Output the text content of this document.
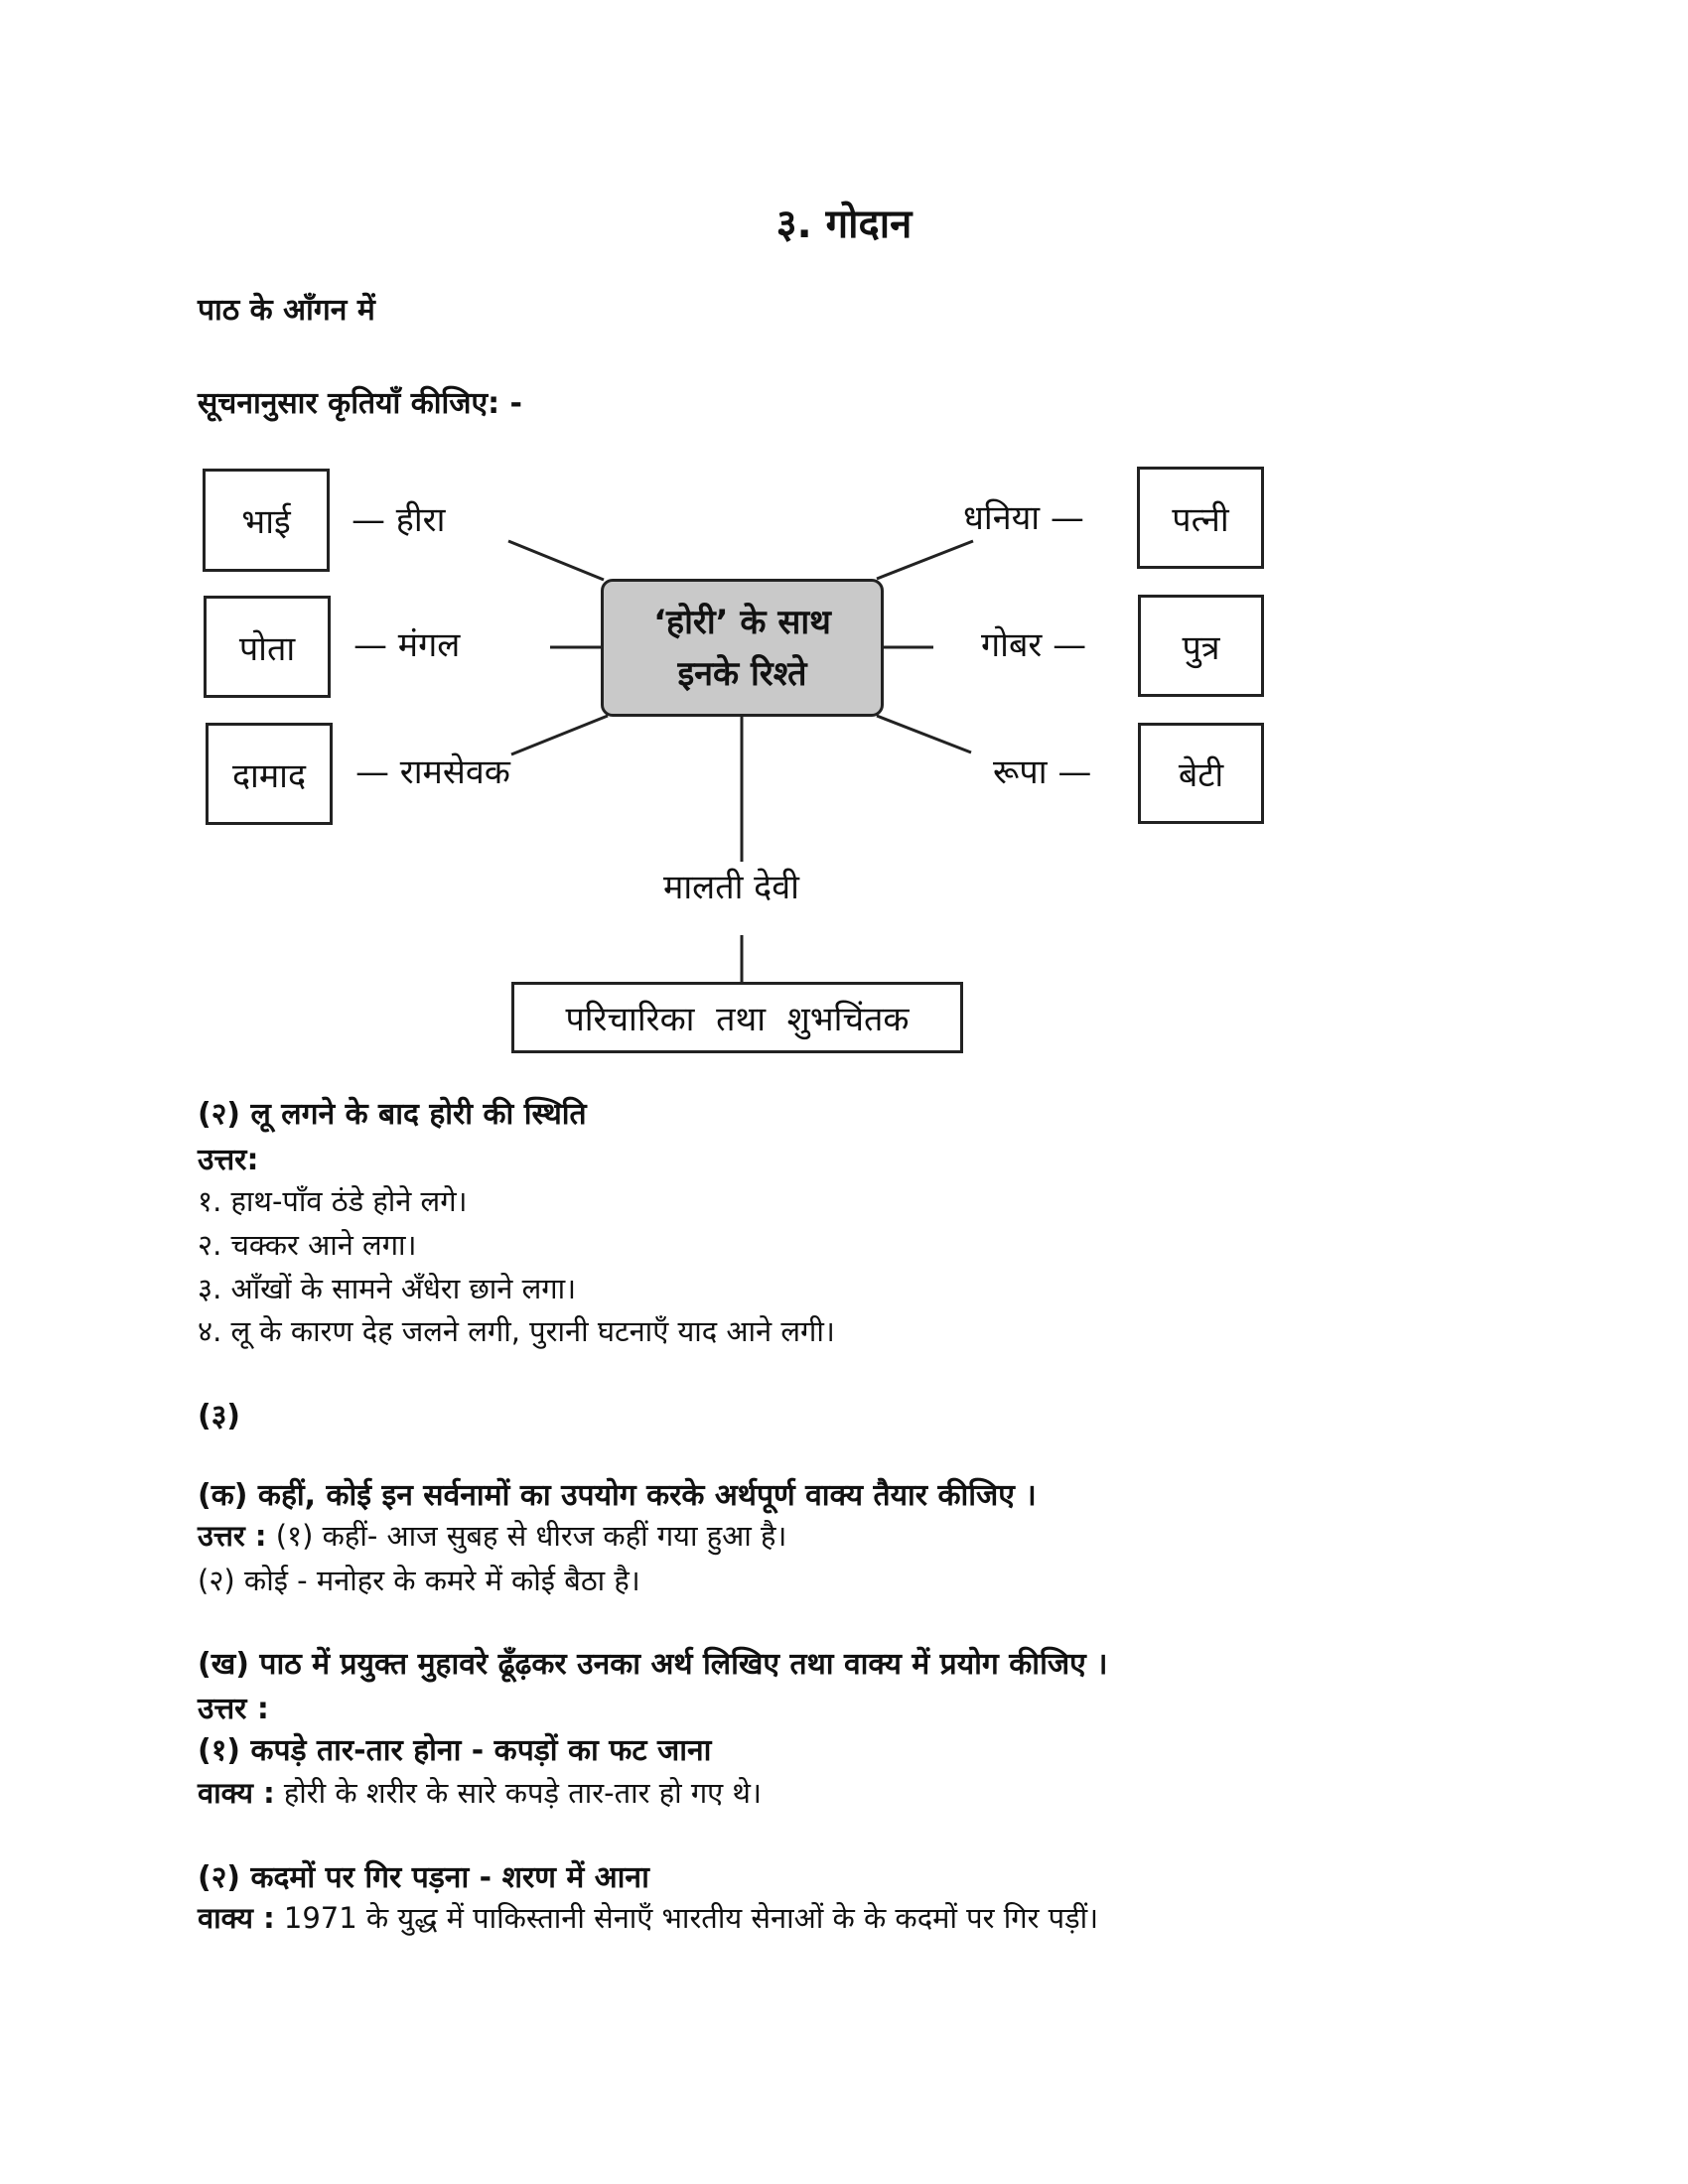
३. गोदान
पाठ के आँगन में
सूचनानुसार कृतियाँ कीजिए: -
‘होरी’ के साथ
इनके रिश्ते
भाई
पोता
दामाद
— हीरा
— मंगल
— रामसेवक
धनिया —
गोबर —
रूपा —
पत्नी
पुत्र
बेटी
मालती देवी
परिचारिका  तथा  शुभचिंतक
(२) लू लगने के बाद होरी की स्थिति
उत्तर:
१. हाथ-पाँव ठंडे होने लगे।
२. चक्कर आने लगा।
३. आँखों के सामने अँधेरा छाने लगा।
४. लू के कारण देह जलने लगी, पुरानी घटनाएँ याद आने लगी।
(३)
(क) कहीं, कोई इन सर्वनामों का उपयोग करके अर्थपूर्ण वाक्य तैयार कीजिए ।
उत्तर : (१) कहीं- आज सुबह से धीरज कहीं गया हुआ है।
(२) कोई - मनोहर के कमरे में कोई बैठा है।
(ख) पाठ में प्रयुक्त मुहावरे ढूँढ़कर उनका अर्थ लिखिए तथा वाक्य में प्रयोग कीजिए ।
उत्तर :
(१) कपड़े तार-तार होना - कपड़ों का फट जाना
वाक्य : होरी के शरीर के सारे कपड़े तार-तार हो गए थे।
(२) कदमों पर गिर पड़ना - शरण में आना
वाक्य : 1971 के युद्ध में पाकिस्तानी सेनाएँ भारतीय सेनाओं के के कदमों पर गिर पड़ीं।
